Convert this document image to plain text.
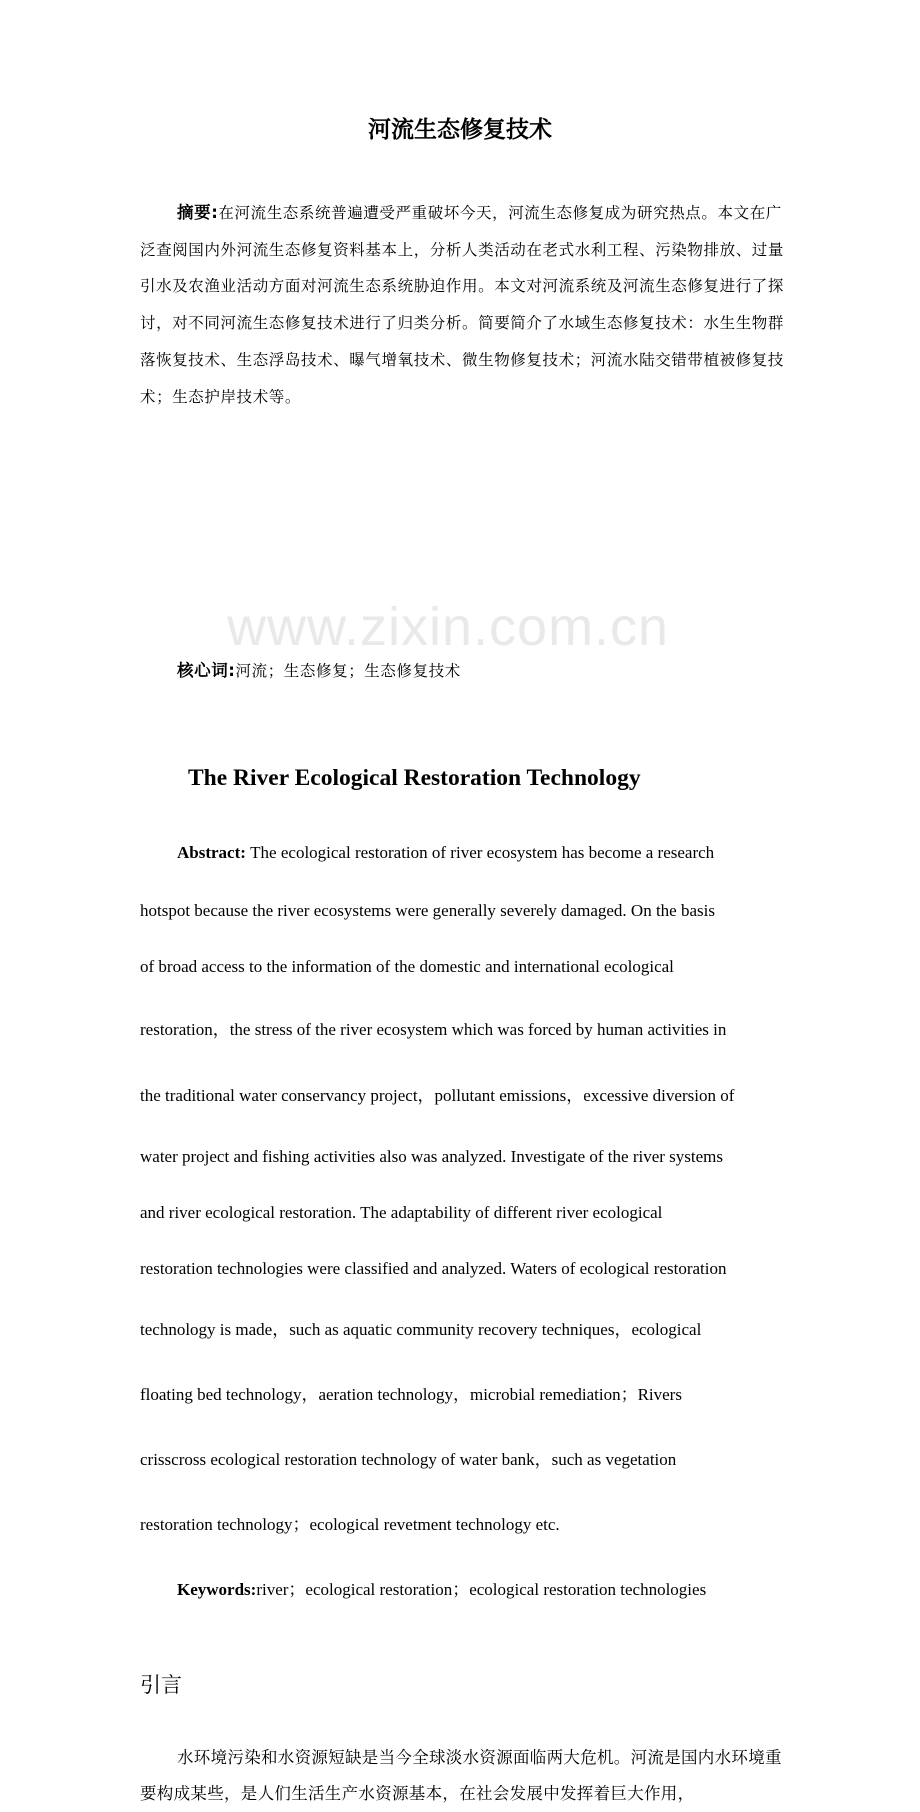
www.zixin.com.cn
河流生态修复技术
摘要:在河流生态系统普遍遭受严重破坏今天，河流生态修复成为研究热点。本文在广泛查阅国内外河流生态修复资料基本上，分析人类活动在老式水利工程、污染物排放、过量引水及农渔业活动方面对河流生态系统胁迫作用。本文对河流系统及河流生态修复进行了探讨，对不同河流生态修复技术进行了归类分析。简要简介了水域生态修复技术：水生生物群落恢复技术、生态浮岛技术、曝气增氧技术、微生物修复技术；河流水陆交错带植被修复技术；生态护岸技术等。
核心词:河流；生态修复；生态修复技术
The River Ecological Restoration Technology
Abstract: The ecological restoration of river ecosystem has become a research
hotspot because the river ecosystems were generally severely damaged. On the basis
of broad access to the information of the domestic and international ecological
restoration，the stress of the river ecosystem which was forced by human activities in
the traditional water conservancy project，pollutant emissions，excessive diversion of
water project and fishing activities also was analyzed. Investigate of the river systems
and river ecological restoration. The adaptability of different river ecological
restoration technologies were classified and analyzed. Waters of ecological restoration
technology is made，such as aquatic community recovery techniques，ecological
floating bed technology，aeration technology，microbial remediation；Rivers
crisscross ecological restoration technology of water bank，such as vegetation
restoration technology；ecological revetment technology etc.
Keywords:river；ecological restoration；ecological restoration technologies
引言
水环境污染和水资源短缺是当今全球淡水资源面临两大危机。河流是国内水环境重要构成某些，是人们生活生产水资源基本，在社会发展中发挥着巨大作用，
